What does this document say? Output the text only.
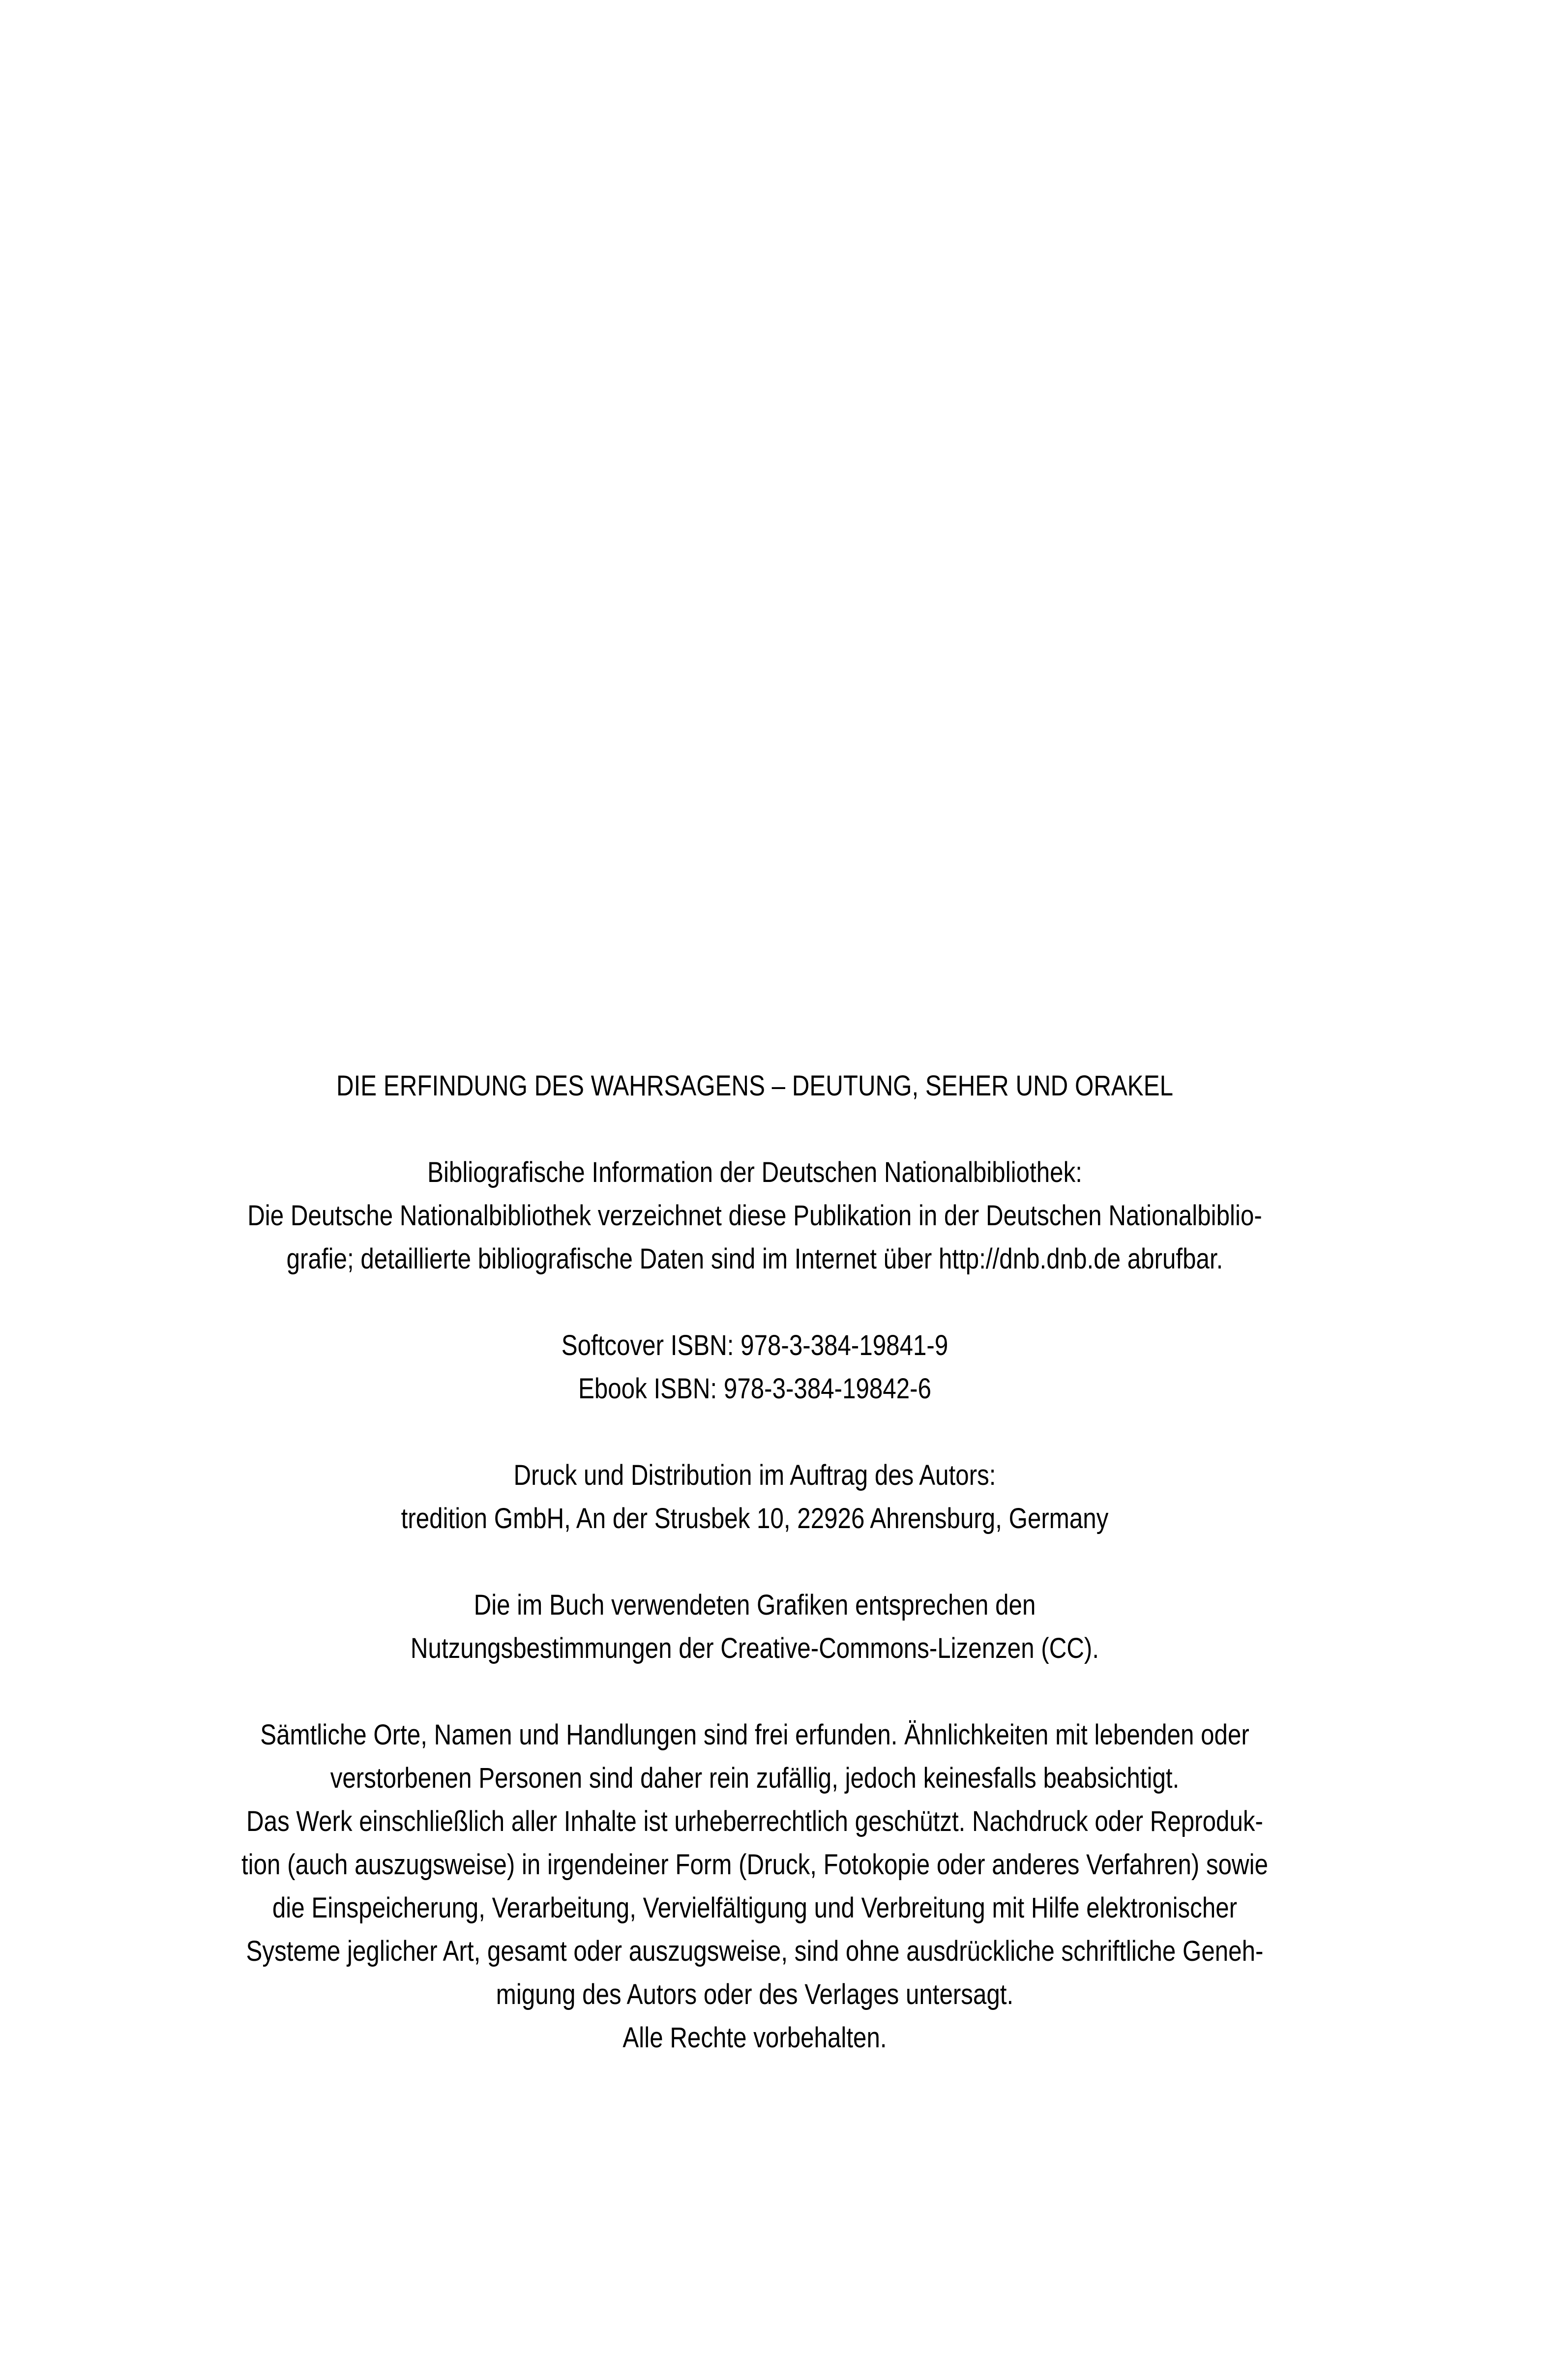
DIE ERFINDUNG DES WAHRSAGENS – DEUTUNG, SEHER UND ORAKEL
Bibliografische Information der Deutschen Nationalbibliothek:
Die Deutsche Nationalbibliothek verzeichnet diese Publikation in der Deutschen Nationalbiblio-
grafie; detaillierte bibliografische Daten sind im Internet über http://dnb.dnb.de abrufbar.
Softcover ISBN: 978-3-384-19841-9
Ebook ISBN: 978-3-384-19842-6
Druck und Distribution im Auftrag des Autors:
tredition GmbH, An der Strusbek 10, 22926 Ahrensburg, Germany
Die im Buch verwendeten Grafiken entsprechen den
Nutzungsbestimmungen der Creative-Commons-Lizenzen (CC).
Sämtliche Orte, Namen und Handlungen sind frei erfunden. Ähnlichkeiten mit lebenden oder
verstorbenen Personen sind daher rein zufällig, jedoch keinesfalls beabsichtigt.
Das Werk einschließlich aller Inhalte ist urheberrechtlich geschützt. Nachdruck oder Reproduk-
tion (auch auszugsweise) in irgendeiner Form (Druck, Fotokopie oder anderes Verfahren) sowie
die Einspeicherung, Verarbeitung, Vervielfältigung und Verbreitung mit Hilfe elektronischer
Systeme jeglicher Art, gesamt oder auszugsweise, sind ohne ausdrückliche schriftliche Geneh-
migung des Autors oder des Verlages untersagt.
Alle Rechte vorbehalten.
